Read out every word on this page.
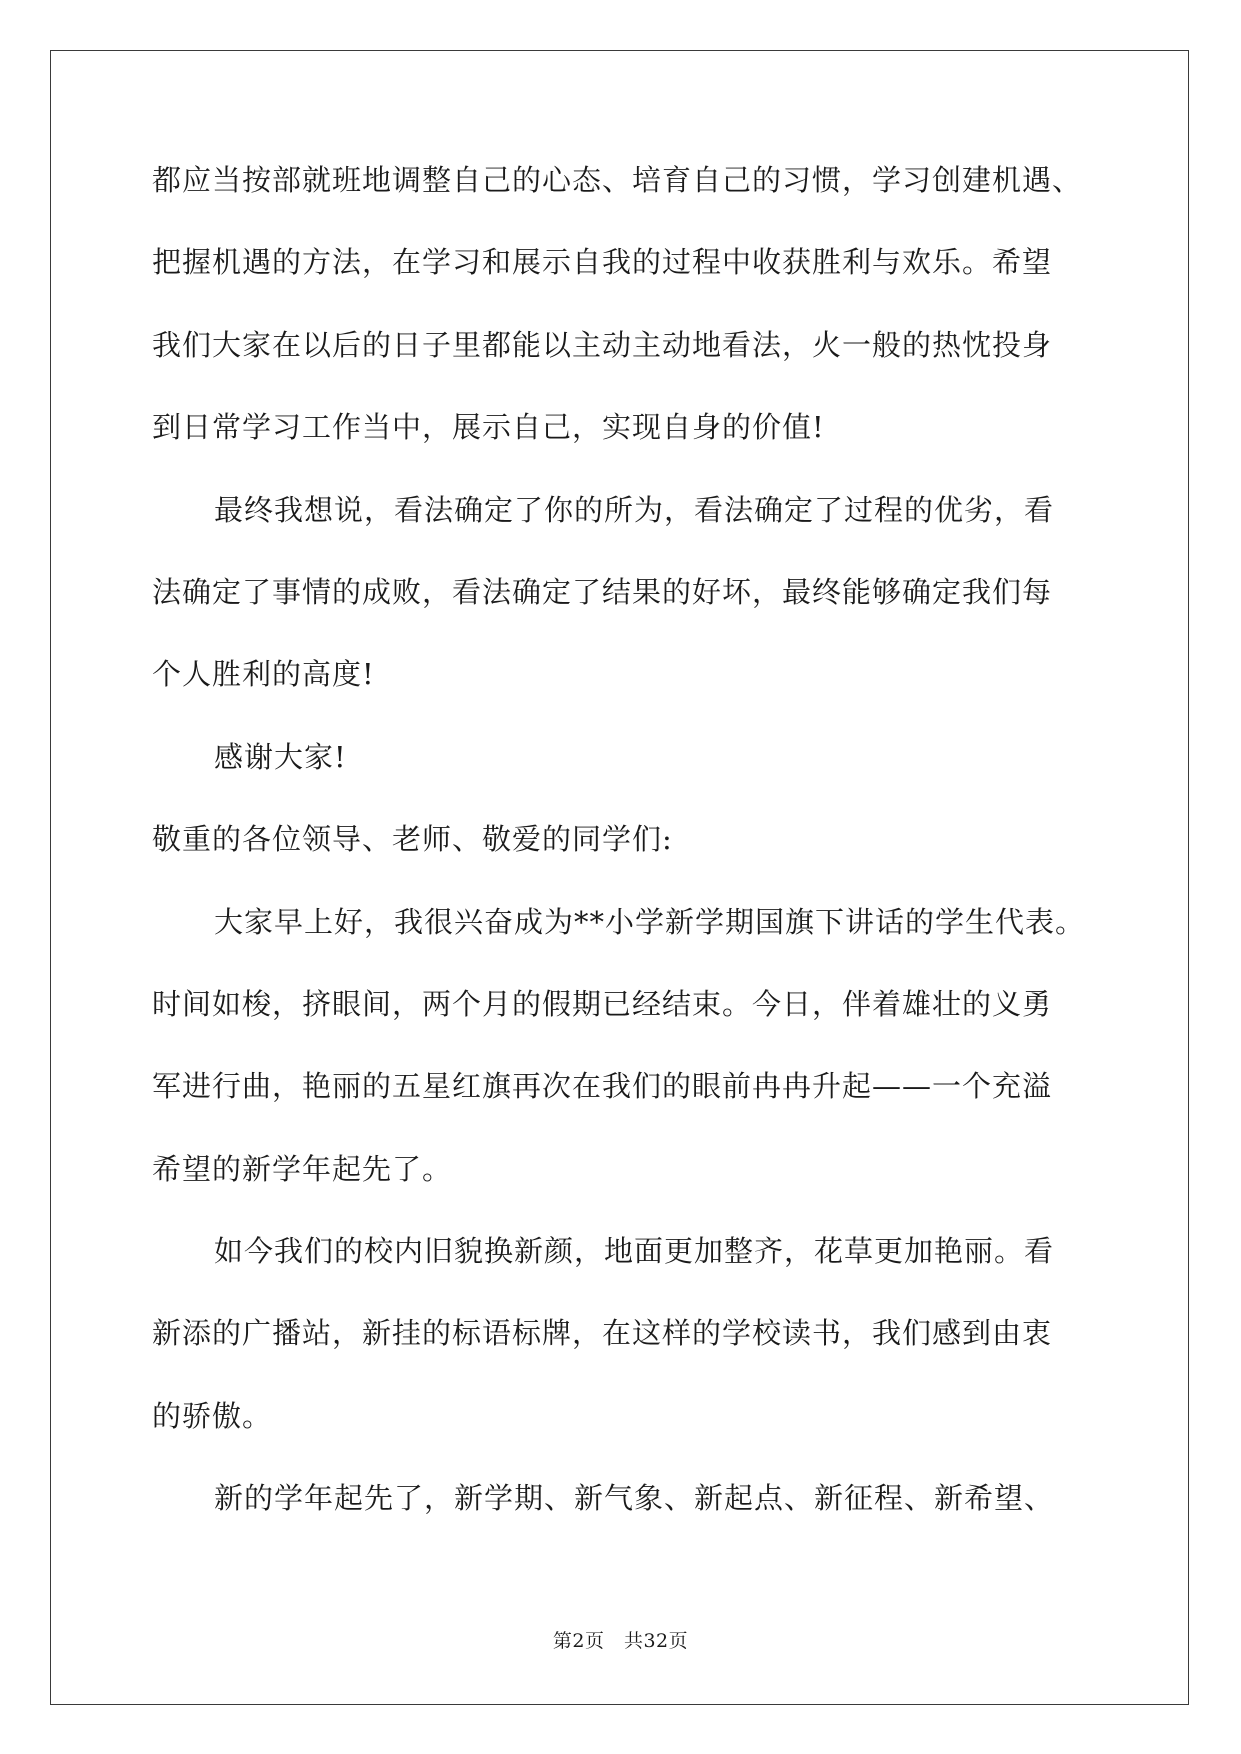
都应当按部就班地调整自己的心态、培育自己的习惯，学习创建机遇、
把握机遇的方法，在学习和展示自我的过程中收获胜利与欢乐。希望
我们大家在以后的日子里都能以主动主动地看法，火一般的热忱投身
到日常学习工作当中，展示自己，实现自身的价值!
最终我想说，看法确定了你的所为，看法确定了过程的优劣，看
法确定了事情的成败，看法确定了结果的好坏，最终能够确定我们每
个人胜利的高度!
感谢大家!
敬重的各位领导、老师、敬爱的同学们:
大家早上好，我很兴奋成为**小学新学期国旗下讲话的学生代表。
时间如梭，挤眼间，两个月的假期已经结束。今日，伴着雄壮的义勇
军进行曲，艳丽的五星红旗再次在我们的眼前冉冉升起——一个充溢
希望的新学年起先了。
如今我们的校内旧貌换新颜，地面更加整齐，花草更加艳丽。看
新添的广播站，新挂的标语标牌，在这样的学校读书，我们感到由衷
的骄傲。
新的学年起先了，新学期、新气象、新起点、新征程、新希望、
第2页　共32页
